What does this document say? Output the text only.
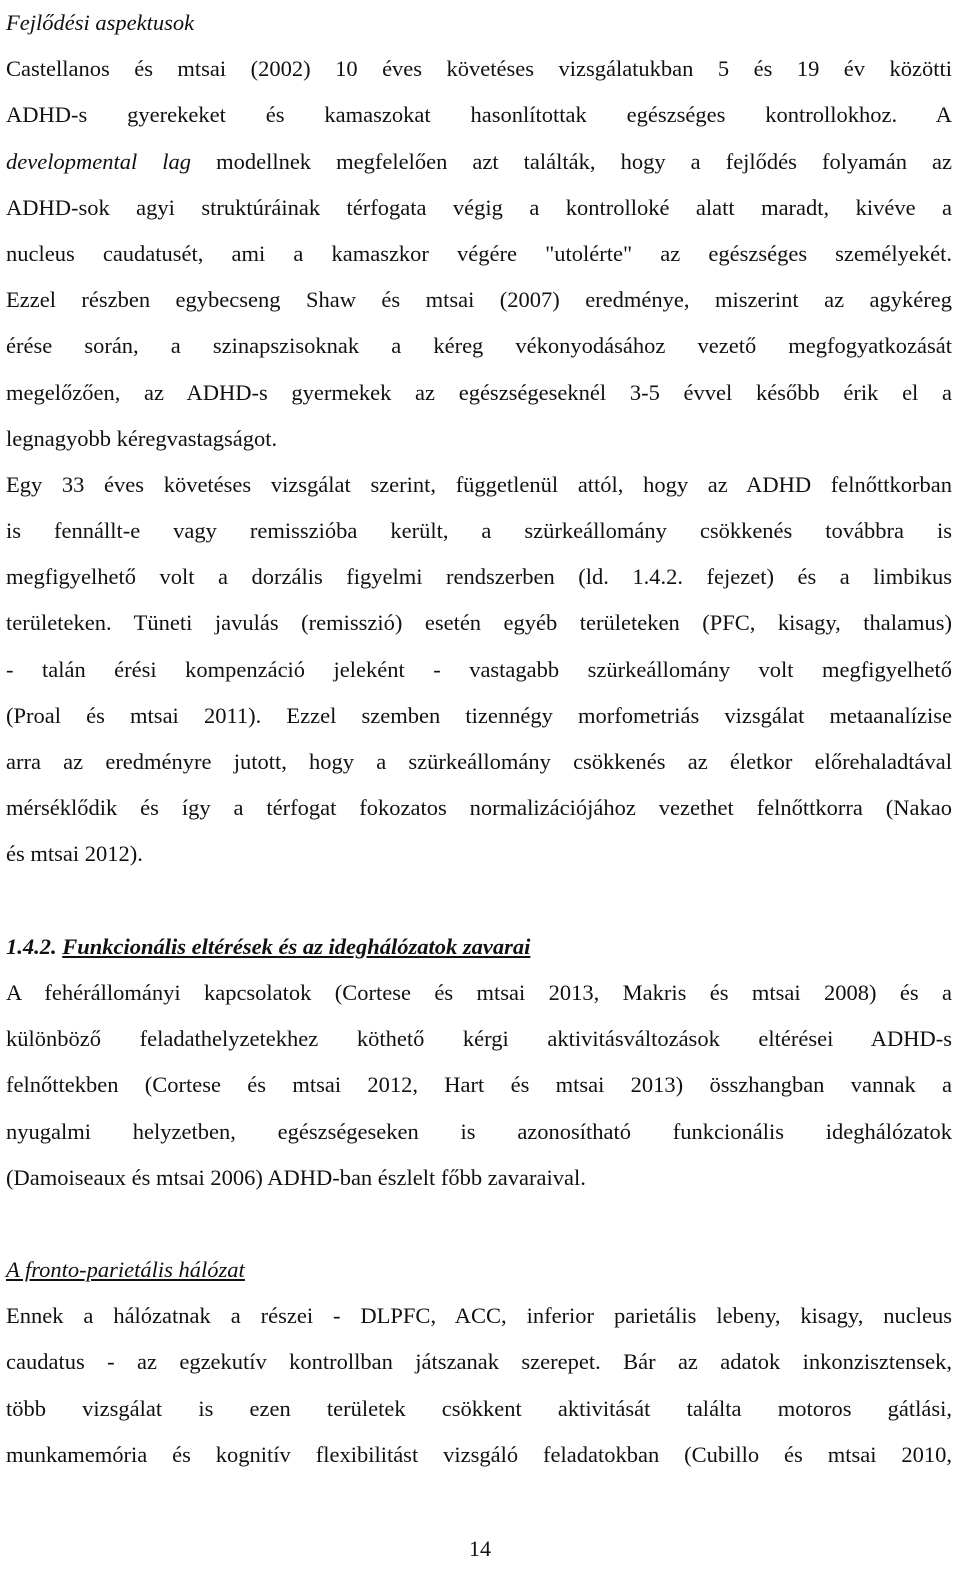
Fejlődési aspektusok
Castellanos és mtsai (2002) 10 éves követéses vizsgálatukban 5 és 19 év közötti
ADHD-s gyerekeket és kamaszokat hasonlítottak egészséges kontrollokhoz. A
developmental lag modellnek megfelelően azt találták, hogy a fejlődés folyamán az
ADHD-sok agyi struktúráinak térfogata végig a kontrolloké alatt maradt, kivéve a
nucleus caudatusét, ami a kamaszkor végére "utolérte" az egészséges személyekét.
Ezzel részben egybecseng Shaw és mtsai (2007) eredménye, miszerint az agykéreg
érése során, a szinapszisoknak a kéreg vékonyodásához vezető megfogyatkozását
megelőzően, az ADHD-s gyermekek az egészségeseknél 3-5 évvel később érik el a
legnagyobb kéregvastagságot.
Egy 33 éves követéses vizsgálat szerint, függetlenül attól, hogy az ADHD felnőttkorban
is fennállt-e vagy remisszióba került, a szürkeállomány csökkenés továbbra is
megfigyelhető volt a dorzális figyelmi rendszerben (ld. 1.4.2. fejezet) és a limbikus
területeken. Tüneti javulás (remisszió) esetén egyéb területeken (PFC, kisagy, thalamus)
- talán érési kompenzáció jeleként - vastagabb szürkeállomány volt megfigyelhető
(Proal és mtsai 2011). Ezzel szemben tizennégy morfometriás vizsgálat metaanalízise
arra az eredményre jutott, hogy a szürkeállomány csökkenés az életkor előrehaladtával
mérséklődik és így a térfogat fokozatos normalizációjához vezethet felnőttkorra (Nakao
és mtsai 2012).
1.4.2. Funkcionális eltérések és az ideghálózatok zavarai
A fehérállományi kapcsolatok (Cortese és mtsai 2013, Makris és mtsai 2008) és a
különböző feladathelyzetekhez köthető kérgi aktivitásváltozások eltérései ADHD-s
felnőttekben (Cortese és mtsai 2012, Hart és mtsai 2013) összhangban vannak a
nyugalmi helyzetben, egészségeseken is azonosítható funkcionális ideghálózatok
(Damoiseaux és mtsai 2006) ADHD-ban észlelt főbb zavaraival.
A fronto-parietális hálózat
Ennek a hálózatnak a részei - DLPFC, ACC, inferior parietális lebeny, kisagy, nucleus
caudatus - az egzekutív kontrollban játszanak szerepet. Bár az adatok inkonzisztensek,
több vizsgálat is ezen területek csökkent aktivitását találta motoros gátlási,
munkamemória és kognitív flexibilitást vizsgáló feladatokban (Cubillo és mtsai 2010,
14
